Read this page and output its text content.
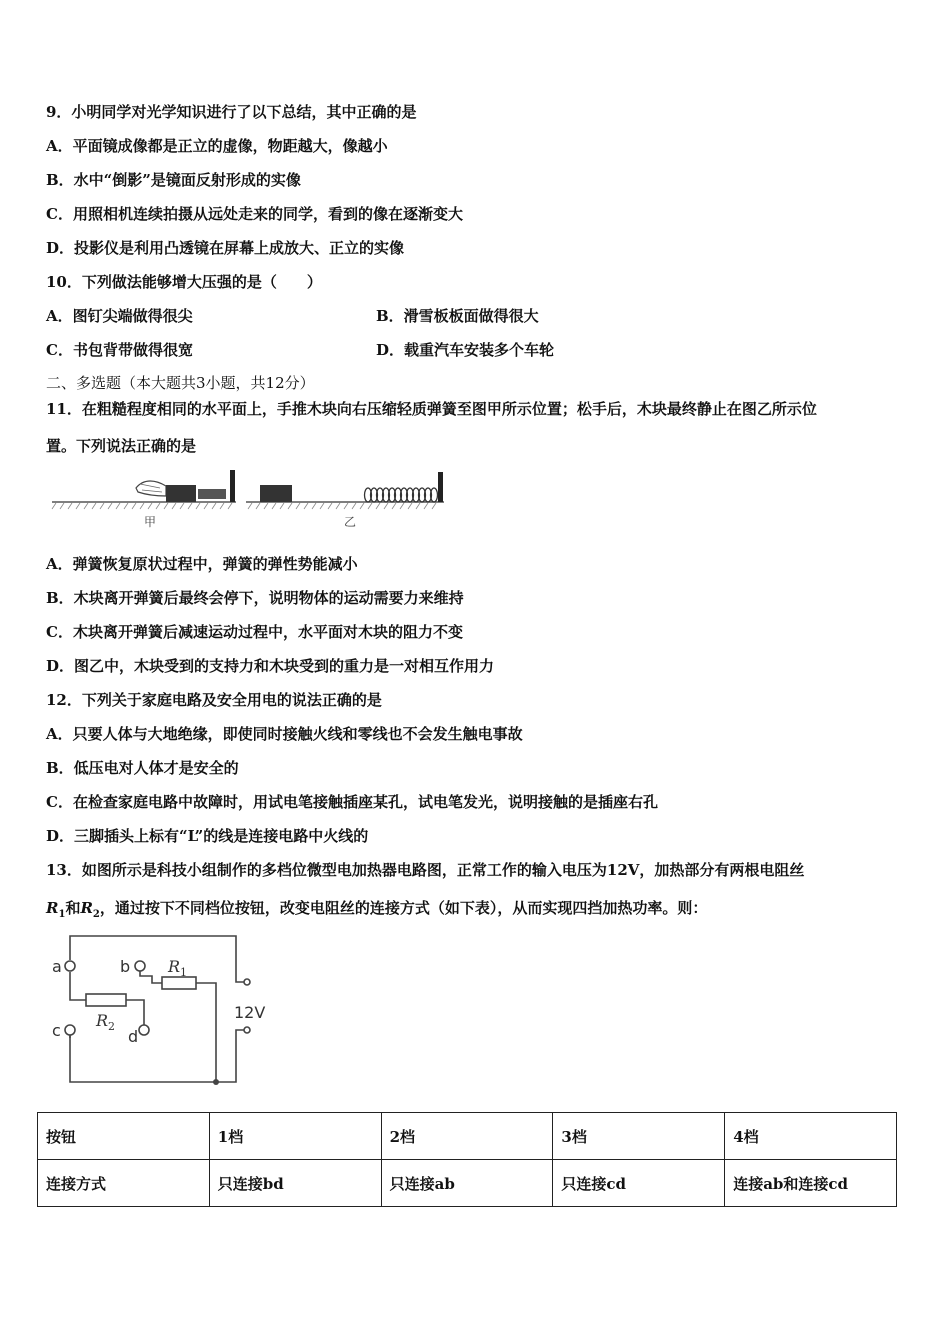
9．小明同学对光学知识进行了以下总结，其中正确的是
A．平面镜成像都是正立的虚像，物距越大，像越小
B．水中“倒影”是镜面反射形成的实像
C．用照相机连续拍摄从远处走来的同学，看到的像在逐渐变大
D．投影仪是利用凸透镜在屏幕上成放大、正立的实像
10．下列做法能够增大压强的是（　　）
A．图钉尖端做得很尖	B．滑雪板板面做得很大
C．书包背带做得很宽	D．载重汽车安装多个车轮
二、多选题（本大题共3小题，共12分）
11．在粗糙程度相同的水平面上，手推木块向右压缩轻质弹簧至图甲所示位置；松手后，木块最终静止在图乙所示位
置。下列说法正确的是
甲	乙
A．弹簧恢复原状过程中，弹簧的弹性势能减小
B．木块离开弹簧后最终会停下，说明物体的运动需要力来维持
C．木块离开弹簧后减速运动过程中，水平面对木块的阻力不变
D．图乙中，木块受到的支持力和木块受到的重力是一对相互作用力
12．下列关于家庭电路及安全用电的说法正确的是
A．只要人体与大地绝缘，即使同时接触火线和零线也不会发生触电事故
B．低压电对人体才是安全的
C．在检查家庭电路中故障时，用试电笔接触插座某孔，试电笔发光，说明接触的是插座右孔
D．三脚插头上标有“L”的线是连接电路中火线的
13．如图所示是科技小组制作的多档位微型电加热器电路图，正常工作的输入电压为12V，加热部分有两根电阻丝
$R_1$和$R_2$，通过按下不同档位按钮，改变电阻丝的连接方式（如下表），从而实现四挡加热功率。则：
a	b
c	d
R 1
R 2
12V
按钮	1档	2档	3档	4档
连接方式	只连接bd	只连接ab	只连接cd	连接ab和连接cd
